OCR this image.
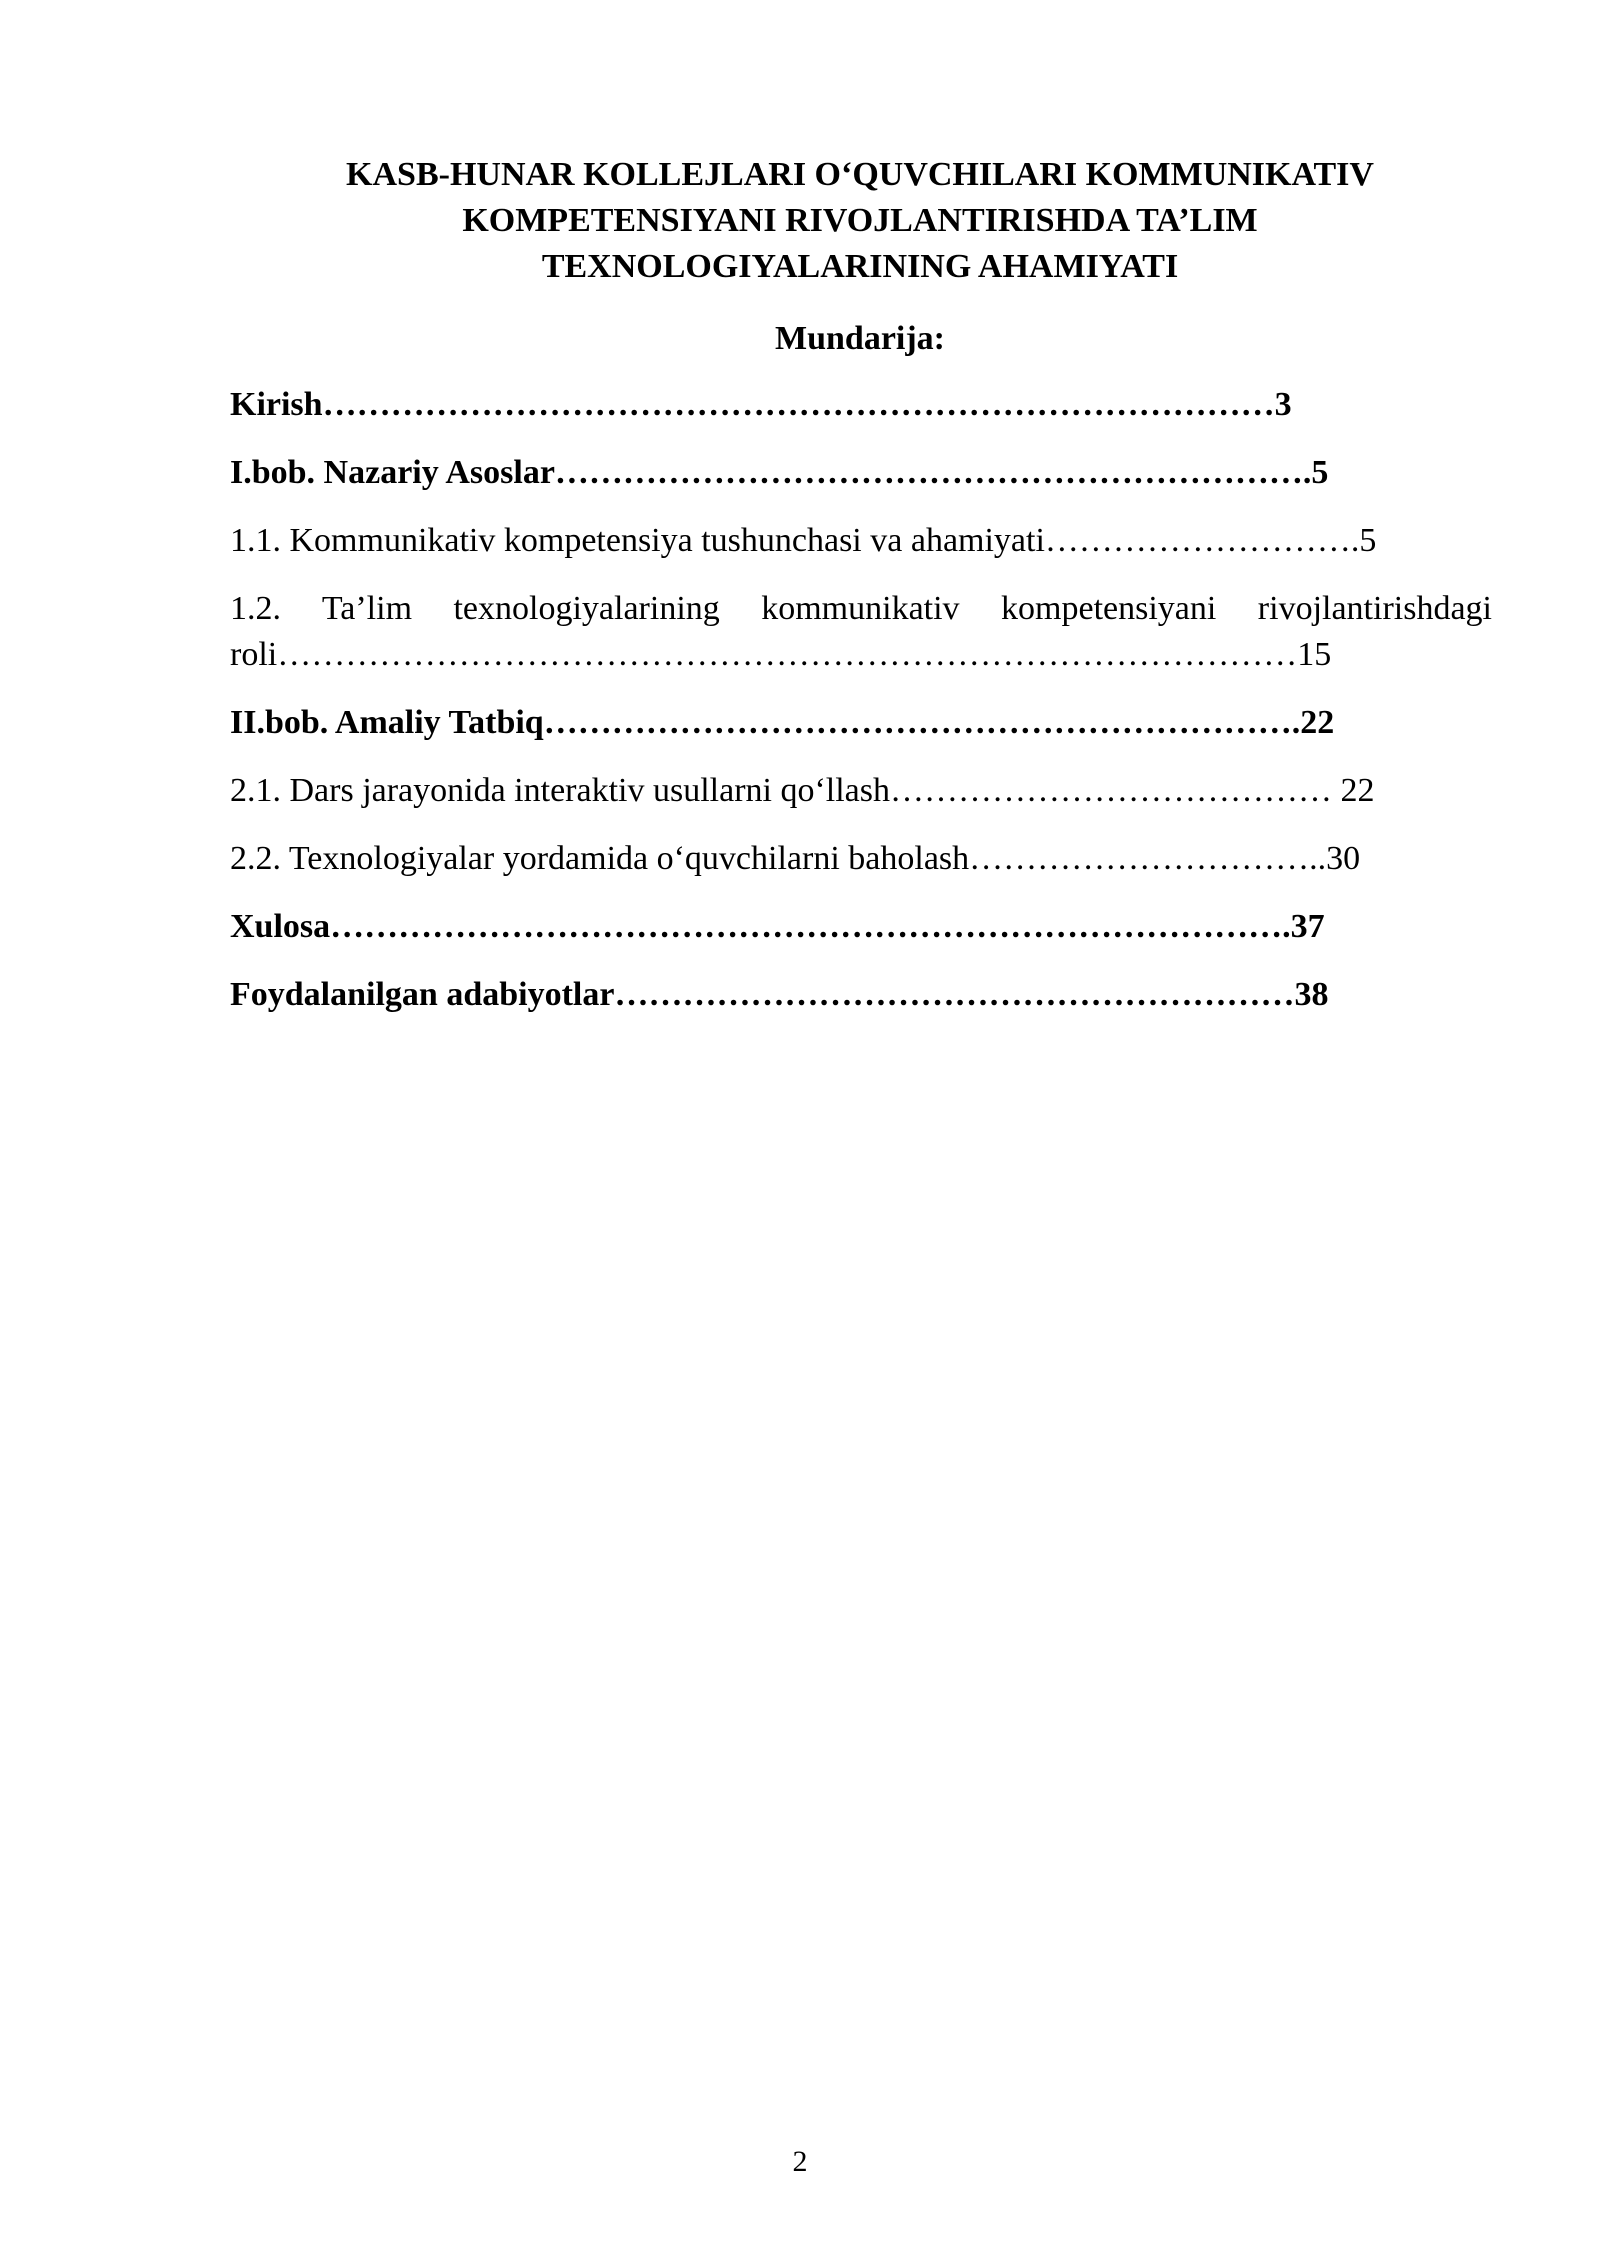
KASB-HUNAR KOLLEJLARI O‘QUVCHILARI KOMMUNIKATIV
KOMPETENSIYANI RIVOJLANTIRISHDA TA’LIM
TEXNOLOGIYALARINING AHAMIYATI
Mundarija:

Kirish…………………………………………………………………………3

I.bob. Nazariy Asoslar………………………………………………………….5

1.1. Kommunikativ kompetensiya tushunchasi va ahamiyati……………………….5

1.2. Ta’lim texnologiyalarining kommunikativ kompetensiyani rivojlantirishdagi roli………………………………………………………………………………15

II.bob. Amaliy Tatbiq………………………………………………………….22

2.1. Dars jarayonida interaktiv usullarni qo‘llash………………………………… 22

2.2. Texnologiyalar yordamida o‘quvchilarni baholash…………………………..30

Xulosa………………………………………………………………………….37

Foydalanilgan adabiyotlar……………………………………………………38

2
